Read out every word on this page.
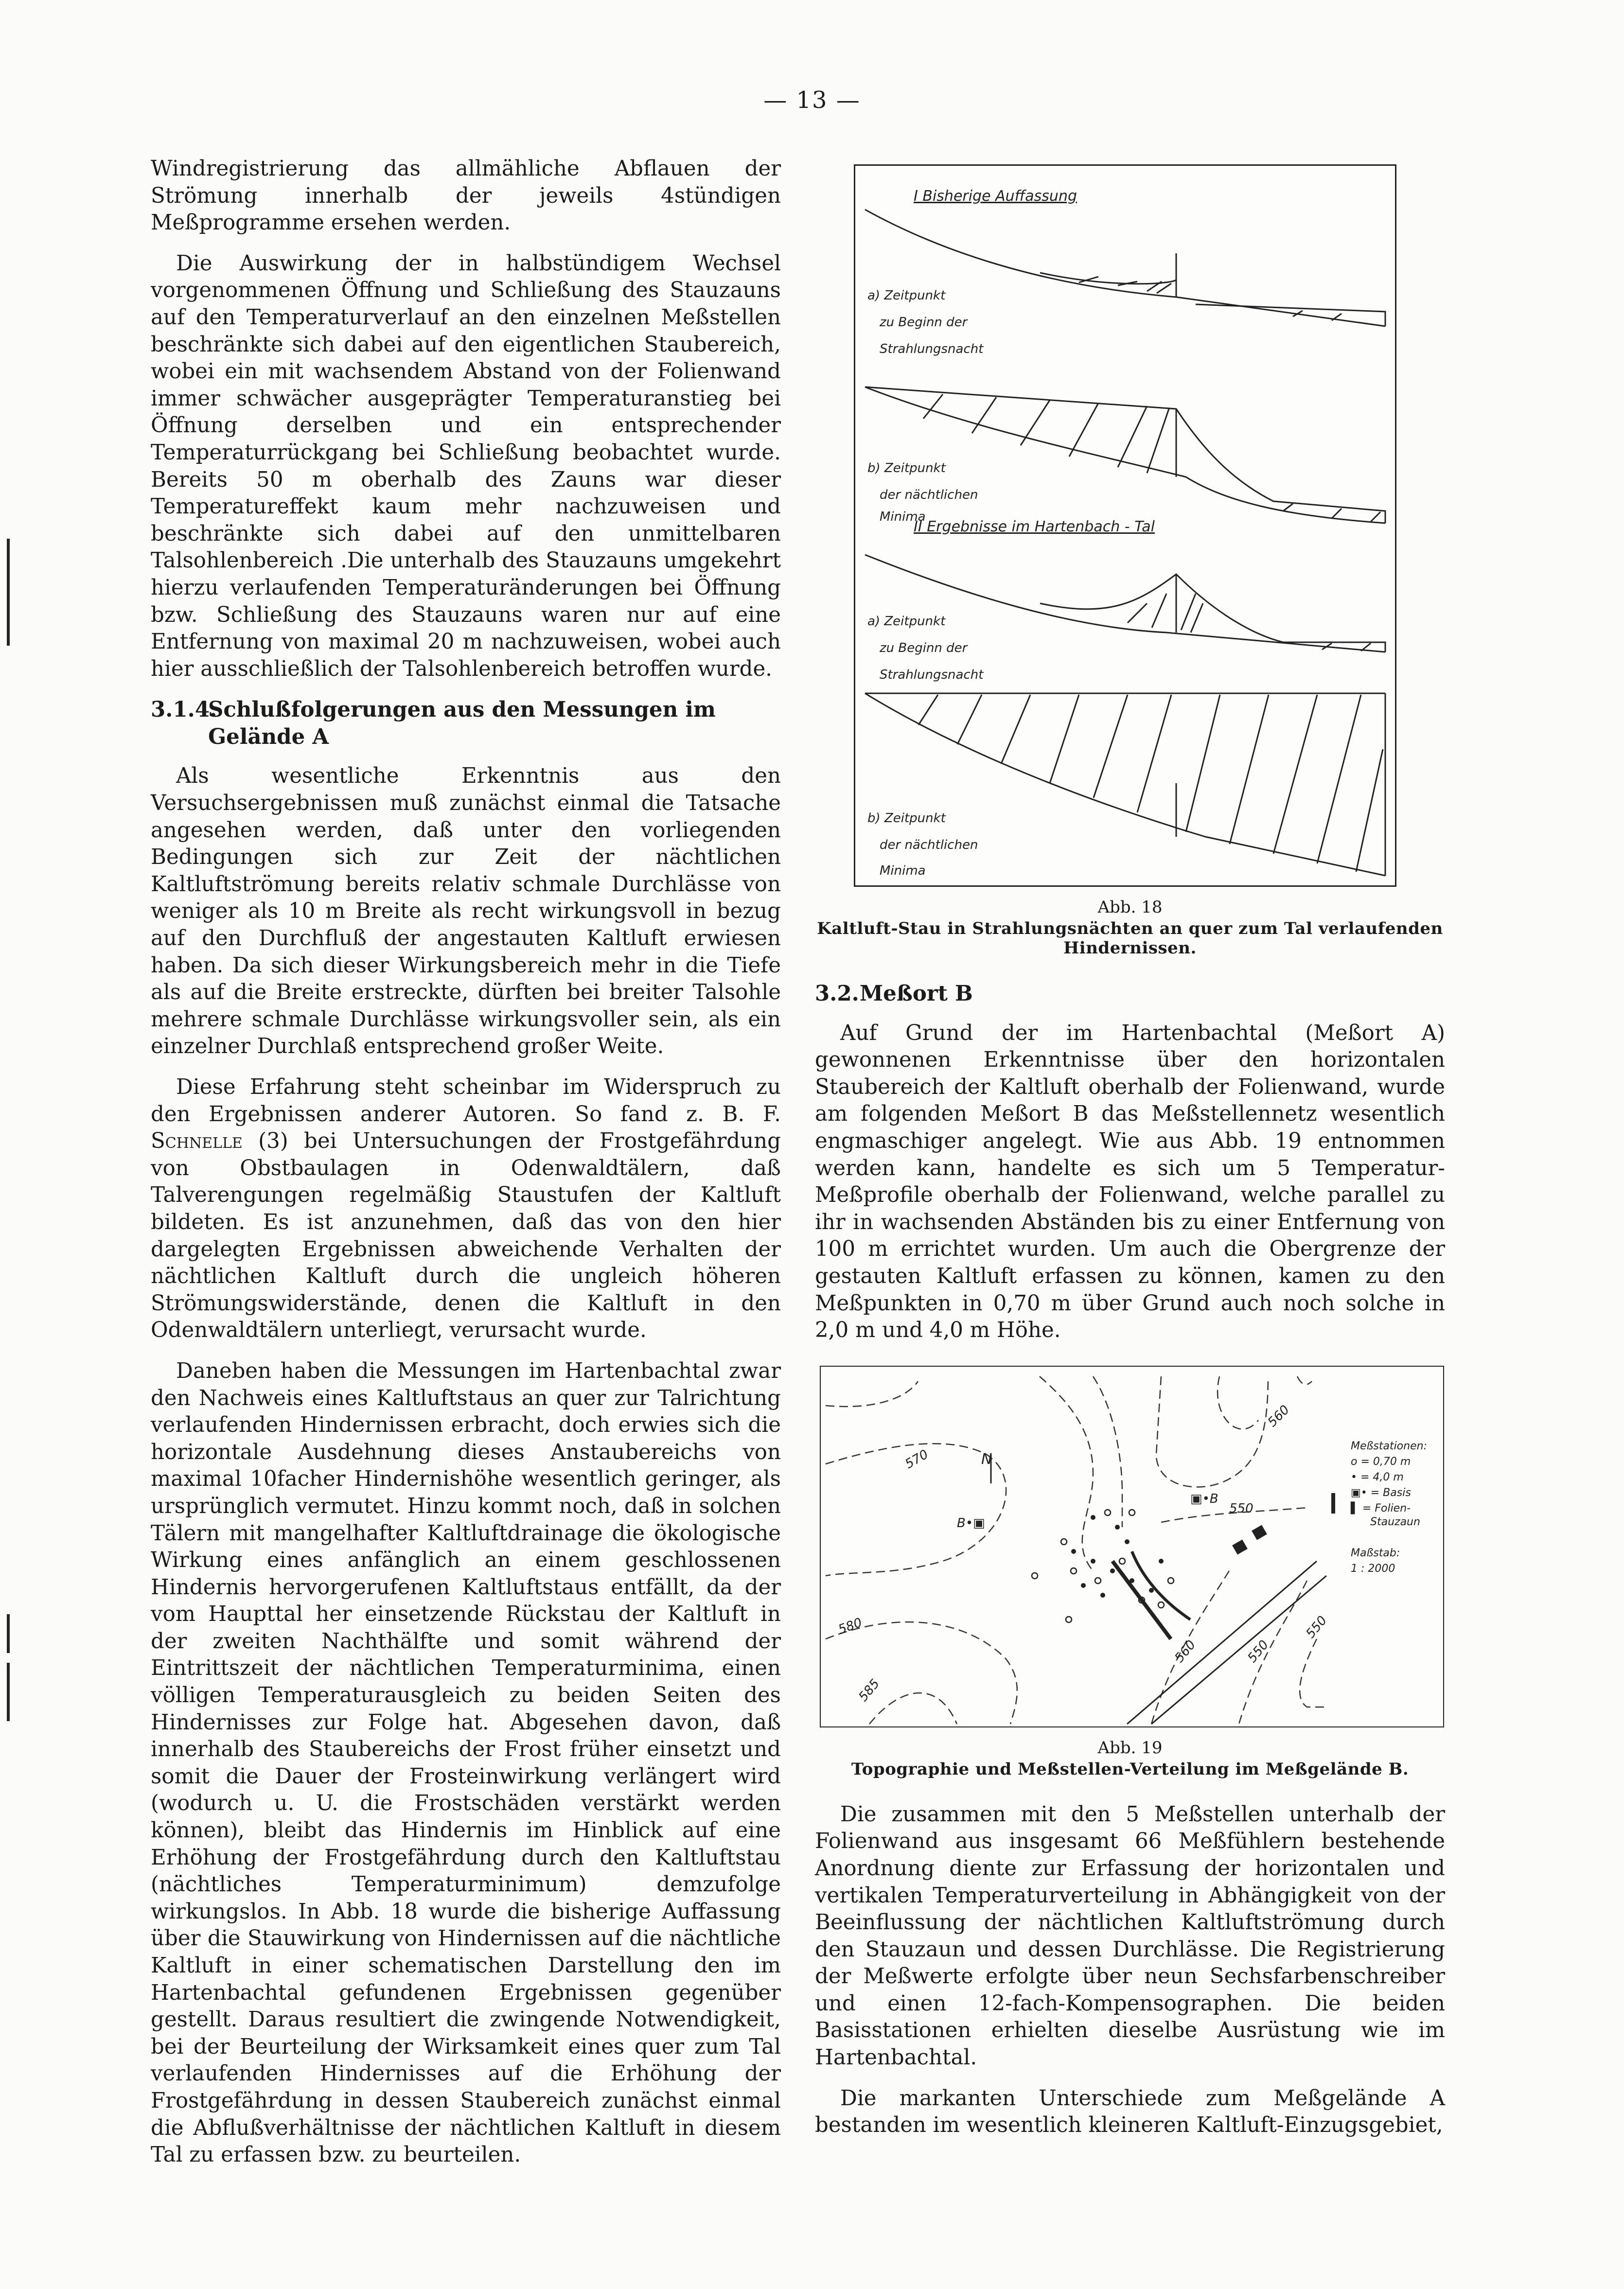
— 13 —

Windregistrierung das allmähliche Abflauen der Strömung innerhalb der jeweils 4stündigen Meßprogramme ersehen werden.

Die Auswirkung der in halbstündigem Wechsel vorgenommenen Öffnung und Schließung des Stauzauns auf den Temperaturverlauf an den einzelnen Meßstellen beschränkte sich dabei auf den eigentlichen Staubereich, wobei ein mit wachsendem Abstand von der Folienwand immer schwächer ausgeprägter Temperaturanstieg bei Öffnung derselben und ein entsprechender Temperaturrückgang bei Schließung beobachtet wurde. Bereits 50 m oberhalb des Zauns war dieser Temperatureffekt kaum mehr nachzuweisen und beschränkte sich dabei auf den unmittelbaren Talsohlenbereich .Die unterhalb des Stauzauns umgekehrt hierzu verlaufenden Temperaturänderungen bei Öffnung bzw. Schließung des Stauzauns waren nur auf eine Entfernung von maximal 20 m nachzuweisen, wobei auch hier ausschließlich der Talsohlenbereich betroffen wurde.

3.1.4.
Schlußfolgerungen aus den Messungen im Gelände A

Als wesentliche Erkenntnis aus den Versuchsergebnissen muß zunächst einmal die Tatsache angesehen werden, daß unter den vorliegenden Bedingungen sich zur Zeit der nächtlichen Kaltluftströmung bereits relativ schmale Durchlässe von weniger als 10 m Breite als recht wirkungsvoll in bezug auf den Durchfluß der angestauten Kaltluft erwiesen haben. Da sich dieser Wirkungsbereich mehr in die Tiefe als auf die Breite erstreckte, dürften bei breiter Talsohle mehrere schmale Durchlässe wirkungsvoller sein, als ein einzelner Durchlaß entsprechend großer Weite.

Diese Erfahrung steht scheinbar im Widerspruch zu den Ergebnissen anderer Autoren. So fand z. B. F. Schnelle (3) bei Untersuchungen der Frostgefährdung von Obstbaulagen in Odenwaldtälern, daß Talverengungen regelmäßig Staustufen der Kaltluft bildeten. Es ist anzunehmen, daß das von den hier dargelegten Ergebnissen abweichende Verhalten der nächtlichen Kaltluft durch die ungleich höheren Strömungswiderstände, denen die Kaltluft in den Odenwaldtälern unterliegt, verursacht wurde.

Daneben haben die Messungen im Hartenbachtal zwar den Nachweis eines Kaltluftstaus an quer zur Talrichtung verlaufenden Hindernissen erbracht, doch erwies sich die horizontale Ausdehnung dieses Anstaubereichs von maximal 10facher Hindernishöhe wesentlich geringer, als ursprünglich vermutet. Hinzu kommt noch, daß in solchen Tälern mit mangelhafter Kaltluftdrainage die ökologische Wirkung eines anfänglich an einem geschlossenen Hindernis hervorgerufenen Kaltluftstaus entfällt, da der vom Haupttal her einsetzende Rückstau der Kaltluft in der zweiten Nachthälfte und somit während der Eintrittszeit der nächtlichen Temperaturminima, einen völligen Temperaturausgleich zu beiden Seiten des Hindernisses zur Folge hat. Abgesehen davon, daß innerhalb des Staubereichs der Frost früher einsetzt und somit die Dauer der Frosteinwirkung verlängert wird (wodurch u. U. die Frostschäden verstärkt werden können), bleibt das Hindernis im Hinblick auf eine Erhöhung der Frostgefährdung durch den Kaltluftstau (nächtliches Temperaturminimum) demzufolge wirkungslos. In Abb. 18 wurde die bisherige Auffassung über die Stauwirkung von Hindernissen auf die nächtliche Kaltluft in einer schematischen Darstellung den im Hartenbachtal gefundenen Ergebnissen gegenüber gestellt. Daraus resultiert die zwingende Notwendigkeit, bei der Beurteilung der Wirksamkeit eines quer zum Tal verlaufenden Hindernisses auf die Erhöhung der Frostgefährdung in dessen Staubereich zunächst einmal die Abflußverhältnisse der nächtlichen Kaltluft in diesem Tal zu erfassen bzw. zu beurteilen.

I Bisherige Auffassung
II Ergebnisse im Hartenbach - Tal
a) Zeitpunkt
zu Beginn der
Strahlungsnacht
b) Zeitpunkt
der nächtlichen
Minima
a) Zeitpunkt
zu Beginn der
Strahlungsnacht
b) Zeitpunkt
der nächtlichen
Minima
Abb. 18
Kaltluft-Stau in Strahlungsnächten an quer zum Tal verlaufenden Hindernissen.
3.2. Meßort B

Auf Grund der im Hartenbachtal (Meßort A) gewonnenen Erkenntnisse über den horizontalen Staubereich der Kaltluft oberhalb der Folienwand, wurde am folgenden Meßort B das Meßstellennetz wesentlich engmaschiger angelegt. Wie aus Abb. 19 entnommen werden kann, handelte es sich um 5 Temperatur-Meßprofile oberhalb der Folienwand, welche parallel zu ihr in wachsenden Abständen bis zu einer Entfernung von 100 m errichtet wurden. Um auch die Obergrenze der gestauten Kaltluft erfassen zu können, kamen zu den Meßpunkten in 0,70 m über Grund auch noch solche in 2,0 m und 4,0 m Höhe.

N
570
580
585
560
550
560	550
B•▣
▣•B
Meßstationen:
o = 0,70 m
• = 4,0 m
▣• = Basis
▌ = Folien-
Stauzaun
Maßstab:
1 : 2000
550
Abb. 19
Topographie und Meßstellen-Verteilung im Meßgelände B.

Die zusammen mit den 5 Meßstellen unterhalb der Folienwand aus insgesamt 66 Meßfühlern bestehende Anordnung diente zur Erfassung der horizontalen und vertikalen Temperaturverteilung in Abhängigkeit von der Beeinflussung der nächtlichen Kaltluftströmung durch den Stauzaun und dessen Durchlässe. Die Registrierung der Meßwerte erfolgte über neun Sechsfarbenschreiber und einen 12-fach-Kompensographen. Die beiden Basisstationen erhielten dieselbe Ausrüstung wie im Hartenbachtal.

Die markanten Unterschiede zum Meßgelände A bestanden im wesentlich kleineren Kaltluft-Einzugsgebiet,
